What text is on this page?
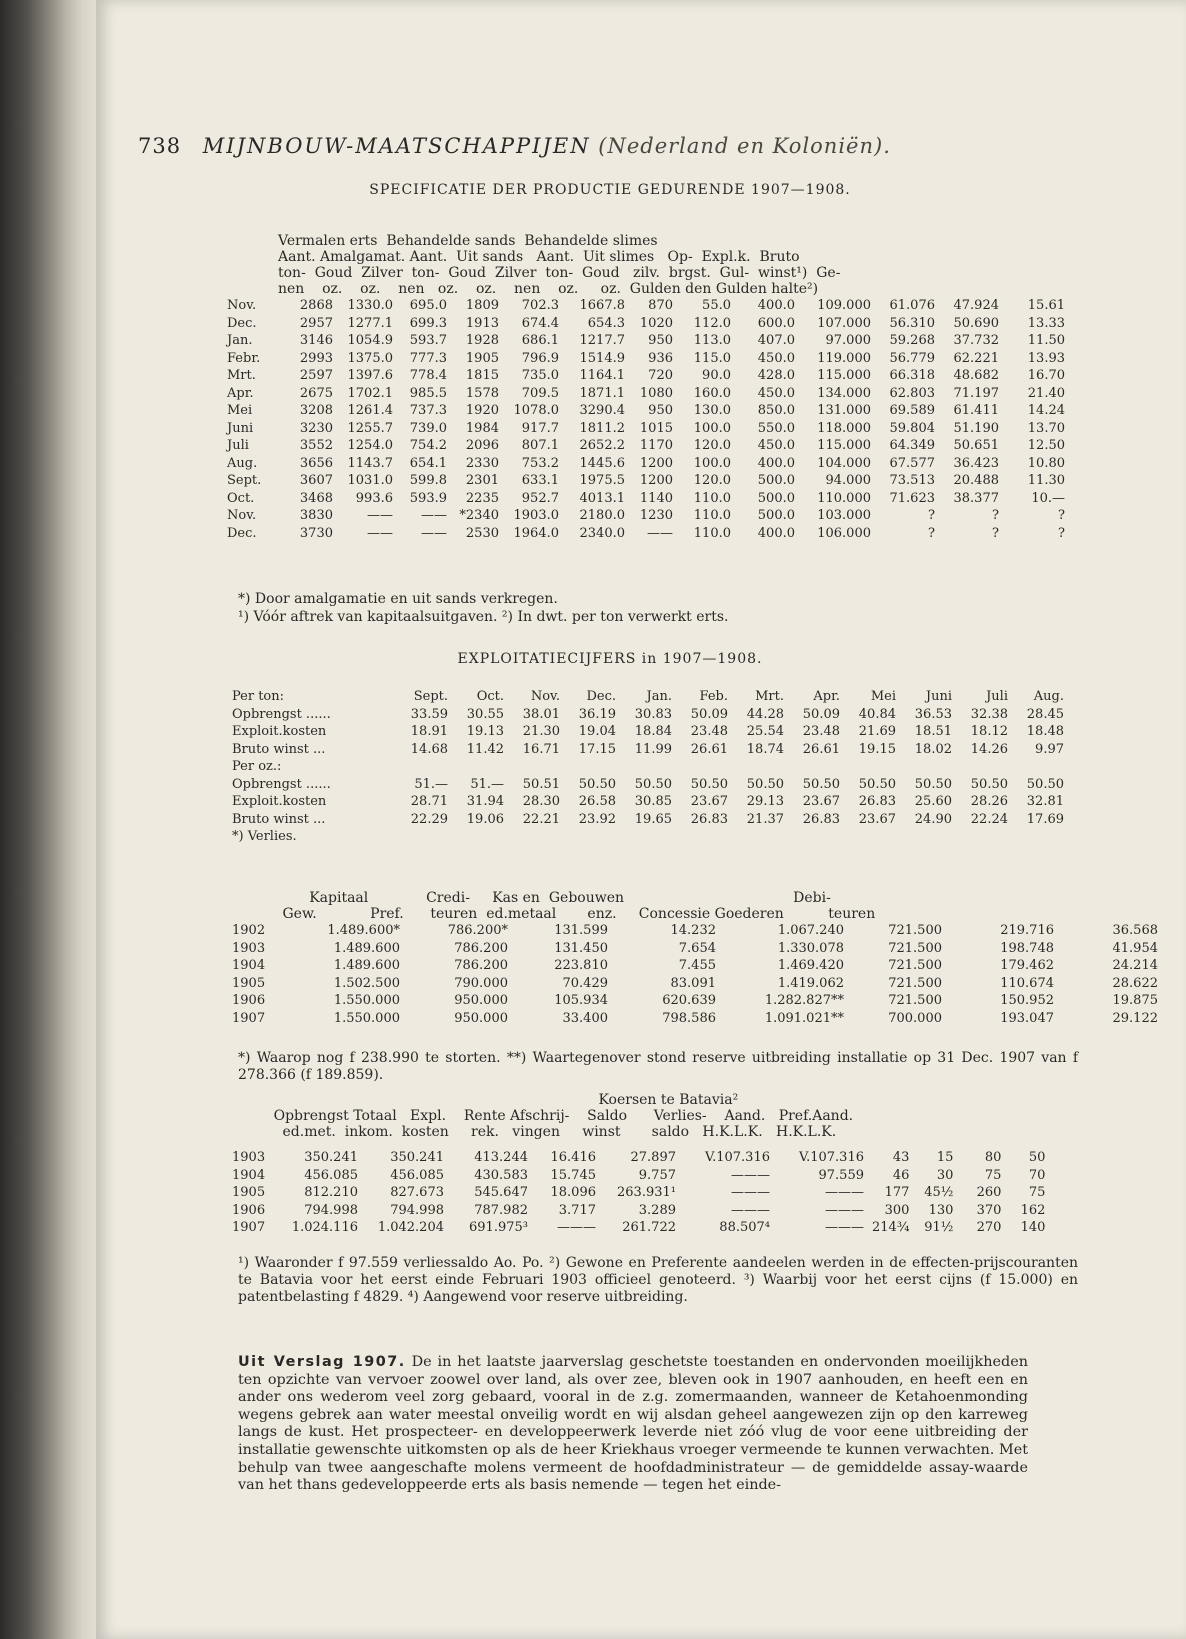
738 MIJNBOUW-MAATSCHAPPIJEN (Nederland en Koloniën).
SPECIFICATIE DER PRODUCTIE GEDURENDE 1907—1908.
Vermalen erts  Behandelde sands  Behandelde slimes
Aant. Amalgamat. Aant.  Uit sands   Aant.  Uit slimes   Op-  Expl.k.  Bruto
ton-  Goud  Zilver  ton-  Goud  Zilver  ton-  Goud   zilv.  brgst.  Gul-  winst¹)  Ge-
nen    oz.    oz.    nen   oz.    oz.    nen    oz.     oz.  Gulden den Gulden halte²)
Nov.	2868	1330.0	695.0	1809	702.3	1667.8	870	55.0	400.0	109.000	61.076	47.924	15.61
Dec.	2957	1277.1	699.3	1913	674.4	654.3	1020	112.0	600.0	107.000	56.310	50.690	13.33
Jan.	3146	1054.9	593.7	1928	686.1	1217.7	950	113.0	407.0	97.000	59.268	37.732	11.50
Febr.	2993	1375.0	777.3	1905	796.9	1514.9	936	115.0	450.0	119.000	56.779	62.221	13.93
Mrt.	2597	1397.6	778.4	1815	735.0	1164.1	720	90.0	428.0	115.000	66.318	48.682	16.70
Apr.	2675	1702.1	985.5	1578	709.5	1871.1	1080	160.0	450.0	134.000	62.803	71.197	21.40
Mei	3208	1261.4	737.3	1920	1078.0	3290.4	950	130.0	850.0	131.000	69.589	61.411	14.24
Juni	3230	1255.7	739.0	1984	917.7	1811.2	1015	100.0	550.0	118.000	59.804	51.190	13.70
Juli	3552	1254.0	754.2	2096	807.1	2652.2	1170	120.0	450.0	115.000	64.349	50.651	12.50
Aug.	3656	1143.7	654.1	2330	753.2	1445.6	1200	100.0	400.0	104.000	67.577	36.423	10.80
Sept.	3607	1031.0	599.8	2301	633.1	1975.5	1200	120.0	500.0	94.000	73.513	20.488	11.30
Oct.	3468	993.6	593.9	2235	952.7	4013.1	1140	110.0	500.0	110.000	71.623	38.377	10.—
Nov.	3830	——	——	*2340	1903.0	2180.0	1230	110.0	500.0	103.000	?	?	?
Dec.	3730	——	——	2530	1964.0	2340.0	——	110.0	400.0	106.000	?	?	?
*) Door amalgamatie en uit sands verkregen.
¹) Vóór aftrek van kapitaalsuitgaven. ²) In dwt. per ton verwerkt erts.
EXPLOITATIECIJFERS in 1907—1908.
Per ton:	Sept.	Oct.	Nov.	Dec.	Jan.	Feb.	Mrt.	Apr.	Mei	Juni	Juli	Aug.
Opbrengst ......	33.59	30.55	38.01	36.19	30.83	50.09	44.28	50.09	40.84	36.53	32.38	28.45
Exploit.kosten	18.91	19.13	21.30	19.04	18.84	23.48	25.54	23.48	21.69	18.51	18.12	18.48
Bruto winst ...	14.68	11.42	16.71	17.15	11.99	26.61	18.74	26.61	19.15	18.02	14.26	9.97
Per oz.:												
Opbrengst ......	51.—	51.—	50.51	50.50	50.50	50.50	50.50	50.50	50.50	50.50	50.50	50.50
Exploit.kosten	28.71	31.94	28.30	26.58	30.85	23.67	29.13	23.67	26.83	25.60	28.26	32.81
Bruto winst ...	22.29	19.06	22.21	23.92	19.65	26.83	21.37	26.83	23.67	24.90	22.24	17.69
*) Verlies.												
Kapitaal             Credi-     Kas en  Gebouwen                                      Debi-
Gew.            Pref.      teuren  ed.metaal       enz.     Concessie Goederen          teuren
1902	1.489.600*	786.200*	131.599	14.232	1.067.240	721.500	219.716	36.568
1903	1.489.600	786.200	131.450	7.654	1.330.078	721.500	198.748	41.954
1904	1.489.600	786.200	223.810	7.455	1.469.420	721.500	179.462	24.214
1905	1.502.500	790.000	70.429	83.091	1.419.062	721.500	110.674	28.622
1906	1.550.000	950.000	105.934	620.639	1.282.827**	721.500	150.952	19.875
1907	1.550.000	950.000	33.400	798.586	1.091.021**	700.000	193.047	29.122
*) Waarop nog f 238.990 te storten. **) Waartegenover stond reserve uitbreiding installatie op 31 Dec. 1907 van f 278.366 (f 189.859).
Koersen te Batavia²
Opbrengst Totaal   Expl.    Rente Afschrij-    Saldo      Verlies-    Aand.   Pref.Aand.
ed.met.  inkom.  kosten     rek.   vingen     winst       saldo   H.K.L.K.   H.K.L.K.
1903	350.241	350.241	413.244	16.416	27.897	V.107.316	V.107.316	43	15	80	50
1904	456.085	456.085	430.583	15.745	9.757	———	97.559	46	30	75	70
1905	812.210	827.673	545.647	18.096	263.931¹	———	———	177	45½	260	75
1906	794.998	794.998	787.982	3.717	3.289	———	———	300	130	370	162
1907	1.024.116	1.042.204	691.975³	———	261.722	88.507⁴	———	214¾	91½	270	140
¹) Waaronder f 97.559 verliessaldo Ao. Po. ²) Gewone en Preferente aandeelen werden in de effecten-prijscouranten te Batavia voor het eerst einde Februari 1903 officieel genoteerd. ³) Waarbij voor het eerst cijns (f 15.000) en patentbelasting f 4829. ⁴) Aangewend voor reserve uitbreiding.
Uit Verslag 1907. De in het laatste jaarverslag geschetste toestanden en ondervonden moeilijkheden ten opzichte van vervoer zoowel over land, als over zee, bleven ook in 1907 aanhouden, en heeft een en ander ons wederom veel zorg gebaard, vooral in de z.g. zomermaanden, wanneer de Ketahoenmonding wegens gebrek aan water meestal onveilig wordt en wij alsdan geheel aangewezen zijn op den karreweg langs de kust. Het prospecteer- en developpeerwerk leverde niet zóó vlug de voor eene uitbreiding der installatie gewenschte uitkomsten op als de heer Kriekhaus vroeger vermeende te kunnen verwachten. Met behulp van twee aangeschafte molens vermeent de hoofdadministrateur — de gemiddelde assay-waarde van het thans gedeveloppeerde erts als basis nemende — tegen het einde-
